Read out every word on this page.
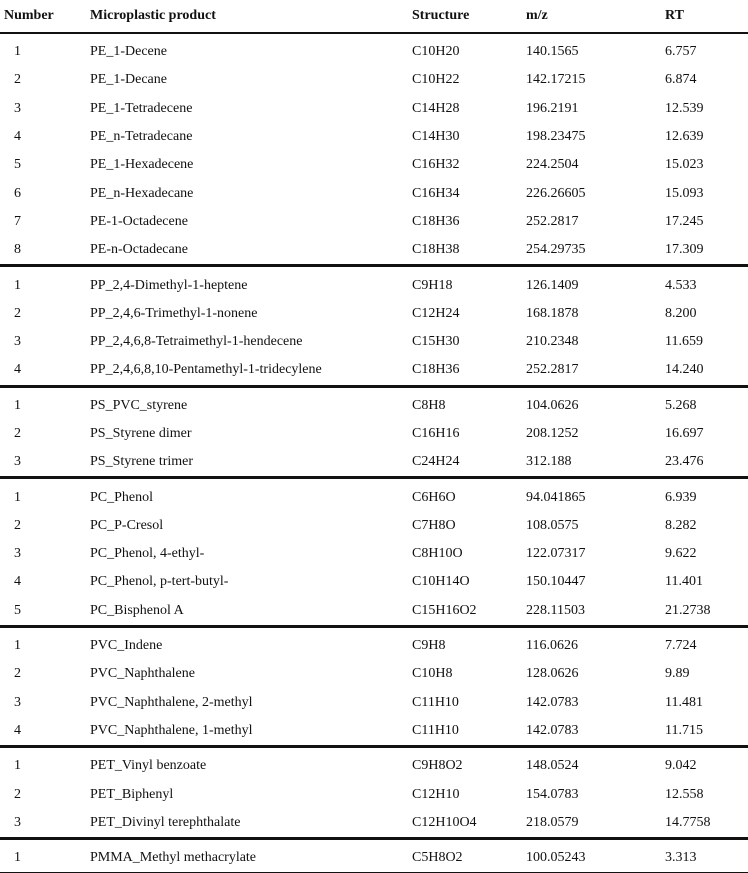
Number	Microplastic product	Structure	m/z	RT
1	PE_1-Decene	C10H20	140.1565	6.757
2	PE_1-Decane	C10H22	142.17215	6.874
3	PE_1-Tetradecene	C14H28	196.2191	12.539
4	PE_n-Tetradecane	C14H30	198.23475	12.639
5	PE_1-Hexadecene	C16H32	224.2504	15.023
6	PE_n-Hexadecane	C16H34	226.26605	15.093
7	PE-1-Octadecene	C18H36	252.2817	17.245
8	PE-n-Octadecane	C18H38	254.29735	17.309
1	PP_2,4-Dimethyl-1-heptene	C9H18	126.1409	4.533
2	PP_2,4,6-Trimethyl-1-nonene	C12H24	168.1878	8.200
3	PP_2,4,6,8-Tetraimethyl-1-hendecene	C15H30	210.2348	11.659
4	PP_2,4,6,8,10-Pentamethyl-1-tridecylene	C18H36	252.2817	14.240
1	PS_PVC_styrene	C8H8	104.0626	5.268
2	PS_Styrene dimer	C16H16	208.1252	16.697
3	PS_Styrene trimer	C24H24	312.188	23.476
1	PC_Phenol	C6H6O	94.041865	6.939
2	PC_P-Cresol	C7H8O	108.0575	8.282
3	PC_Phenol, 4-ethyl-	C8H10O	122.07317	9.622
4	PC_Phenol, p-tert-butyl-	C10H14O	150.10447	11.401
5	PC_Bisphenol A	C15H16O2	228.11503	21.2738
1	PVC_Indene	C9H8	116.0626	7.724
2	PVC_Naphthalene	C10H8	128.0626	9.89
3	PVC_Naphthalene, 2-methyl	C11H10	142.0783	11.481
4	PVC_Naphthalene, 1-methyl	C11H10	142.0783	11.715
1	PET_Vinyl benzoate	C9H8O2	148.0524	9.042
2	PET_Biphenyl	C12H10	154.0783	12.558
3	PET_Divinyl terephthalate	C12H10O4	218.0579	14.7758
1	PMMA_Methyl methacrylate	C5H8O2	100.05243	3.313
